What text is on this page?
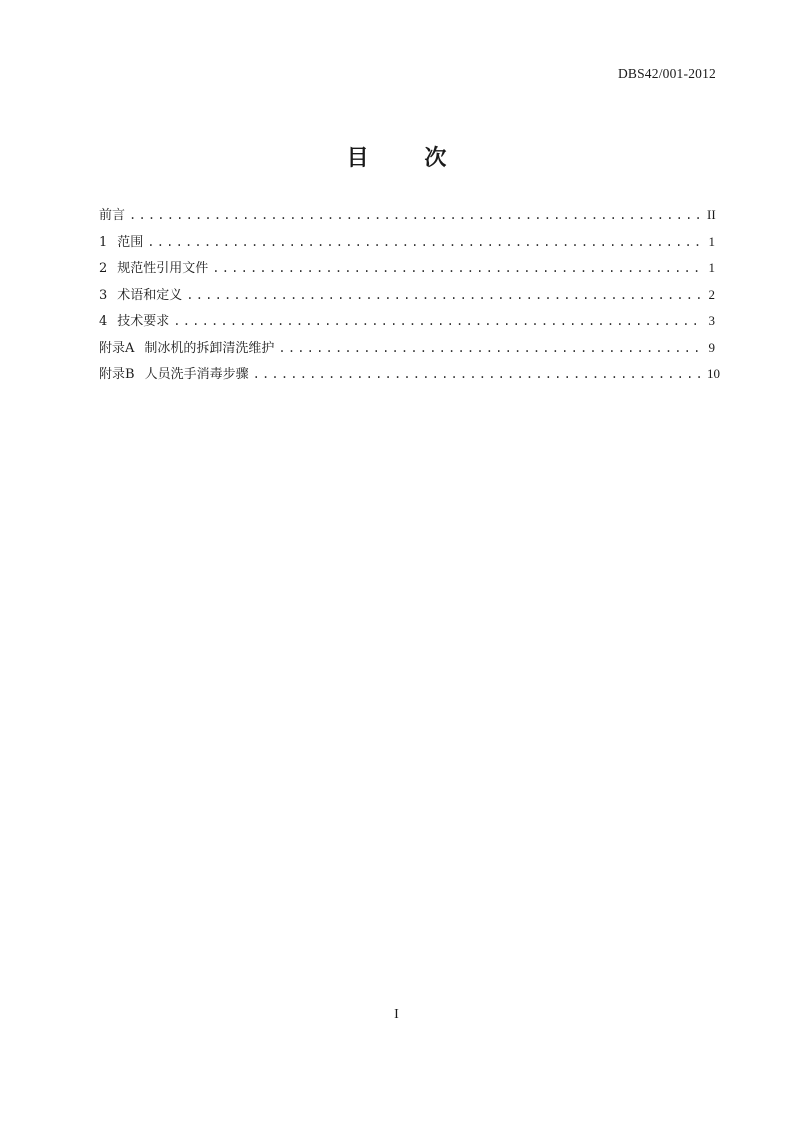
DBS42/001-2012
目 次
前言 .....	II
1 范围 .....	1
2 规范性引用文件 .....	1
3 术语和定义 .....	2
4 技术要求 .....	3
附录A 制冰机的拆卸清洗维护 .....	9
附录B 人员洗手消毒步骤 .....	10
I
